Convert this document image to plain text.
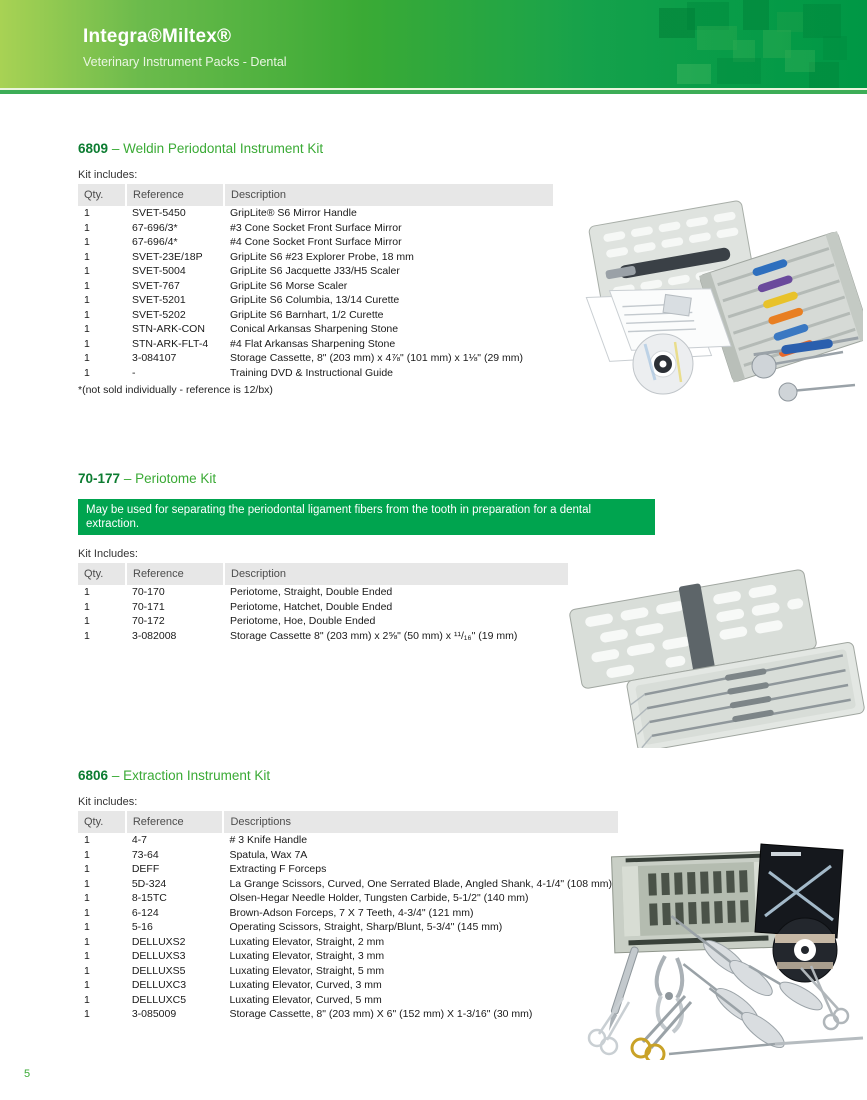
Integra®Miltex®
Veterinary Instrument Packs - Dental
6809 – Weldin Periodontal Instrument Kit
Kit includes:
Qty.	Reference	Description
1	SVET-5450	GripLite® S6 Mirror Handle
1	67-696/3*	#3 Cone Socket Front Surface Mirror
1	67-696/4*	#4 Cone Socket Front Surface Mirror
1	SVET-23E/18P	GripLite S6 #23 Explorer Probe, 18 mm
1	SVET-5004	GripLite S6 Jacquette J33/H5 Scaler
1	SVET-767	GripLite S6 Morse Scaler
1	SVET-5201	GripLite S6 Columbia, 13/14 Curette
1	SVET-5202	GripLite S6 Barnhart, 1/2 Curette
1	STN-ARK-CON	Conical Arkansas Sharpening Stone
1	STN-ARK-FLT-4	#4 Flat Arkansas Sharpening Stone
1	3-084107	Storage Cassette, 8" (203 mm) x 4⅞" (101 mm) x 1⅛" (29 mm)
1	-	Training DVD & Instructional Guide
*(not sold individually - reference is 12/bx)
70-177 – Periotome Kit
May be used for separating the periodontal ligament fibers from the tooth in preparation for a dental extraction.
Kit Includes:
Qty.	Reference	Description
1	70-170	Periotome, Straight, Double Ended
1	70-171	Periotome, Hatchet, Double Ended
1	70-172	Periotome, Hoe, Double Ended
1	3-082008	Storage Cassette 8" (203 mm) x 2⅝" (50 mm) x ¹¹/₁₆" (19 mm)
6806 – Extraction Instrument Kit
Kit includes:
Qty.	Reference	Descriptions
1	4-7	# 3 Knife Handle
1	73-64	Spatula, Wax 7A
1	DEFF	Extracting F Forceps
1	5D-324	La Grange Scissors, Curved, One Serrated Blade, Angled Shank, 4-1/4" (108 mm)
1	8-15TC	Olsen-Hegar Needle Holder, Tungsten Carbide, 5-1/2" (140 mm)
1	6-124	Brown-Adson Forceps, 7 X 7 Teeth, 4-3/4" (121 mm)
1	5-16	Operating Scissors, Straight, Sharp/Blunt, 5-3/4" (145 mm)
1	DELLUXS2	Luxating Elevator, Straight, 2 mm
1	DELLUXS3	Luxating Elevator, Straight, 3 mm
1	DELLUXS5	Luxating Elevator, Straight, 5 mm
1	DELLUXC3	Luxating Elevator, Curved, 3 mm
1	DELLUXC5	Luxating Elevator, Curved, 5 mm
1	3-085009	Storage Cassette, 8" (203 mm) X 6" (152 mm) X 1-3/16" (30 mm)
5
